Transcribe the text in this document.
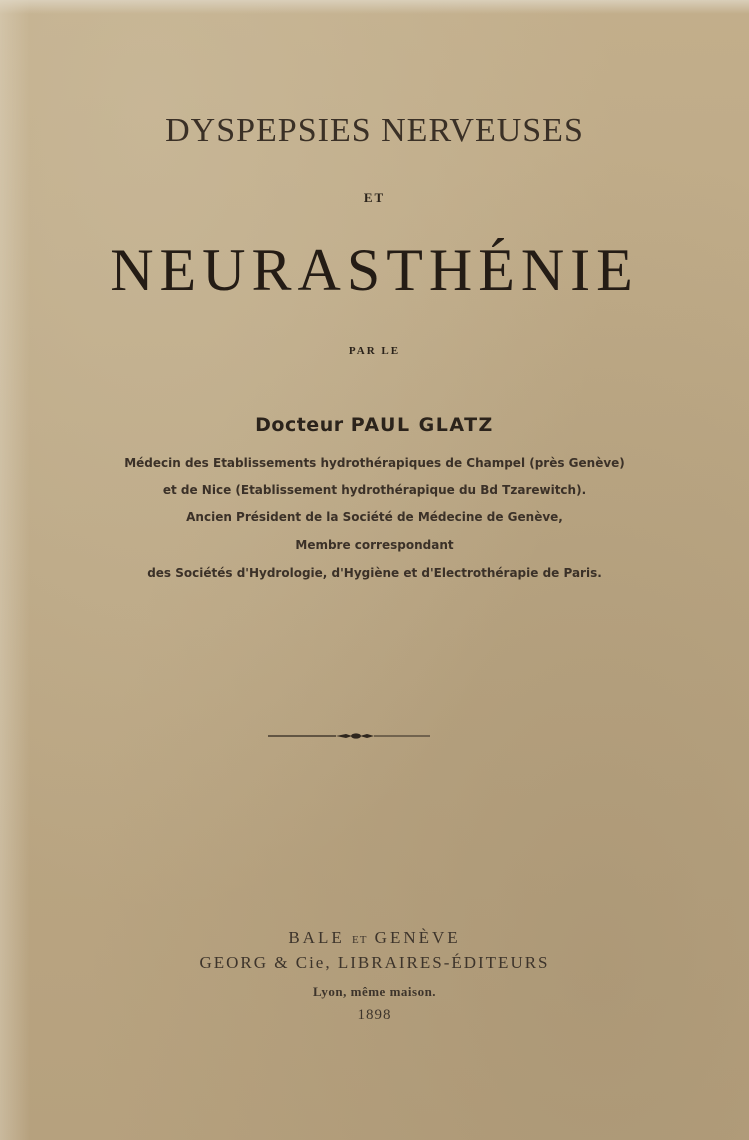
DYSPEPSIES NERVEUSES
ET
NEURASTHÉNIE
PAR LE
Docteur PAUL GLATZ
Médecin des Etablissements hydrothérapiques de Champel (près Genève)
et de Nice (Etablissement hydrothérapique du Bd Tzarewitch).
Ancien Président de la Société de Médecine de Genève,
Membre correspondant
des Sociétés d'Hydrologie, d'Hygiène et d'Electrothérapie de Paris.
BALE ET GENÈVE
GEORG & Cie, LIBRAIRES-ÉDITEURS
Lyon, même maison.
1898
